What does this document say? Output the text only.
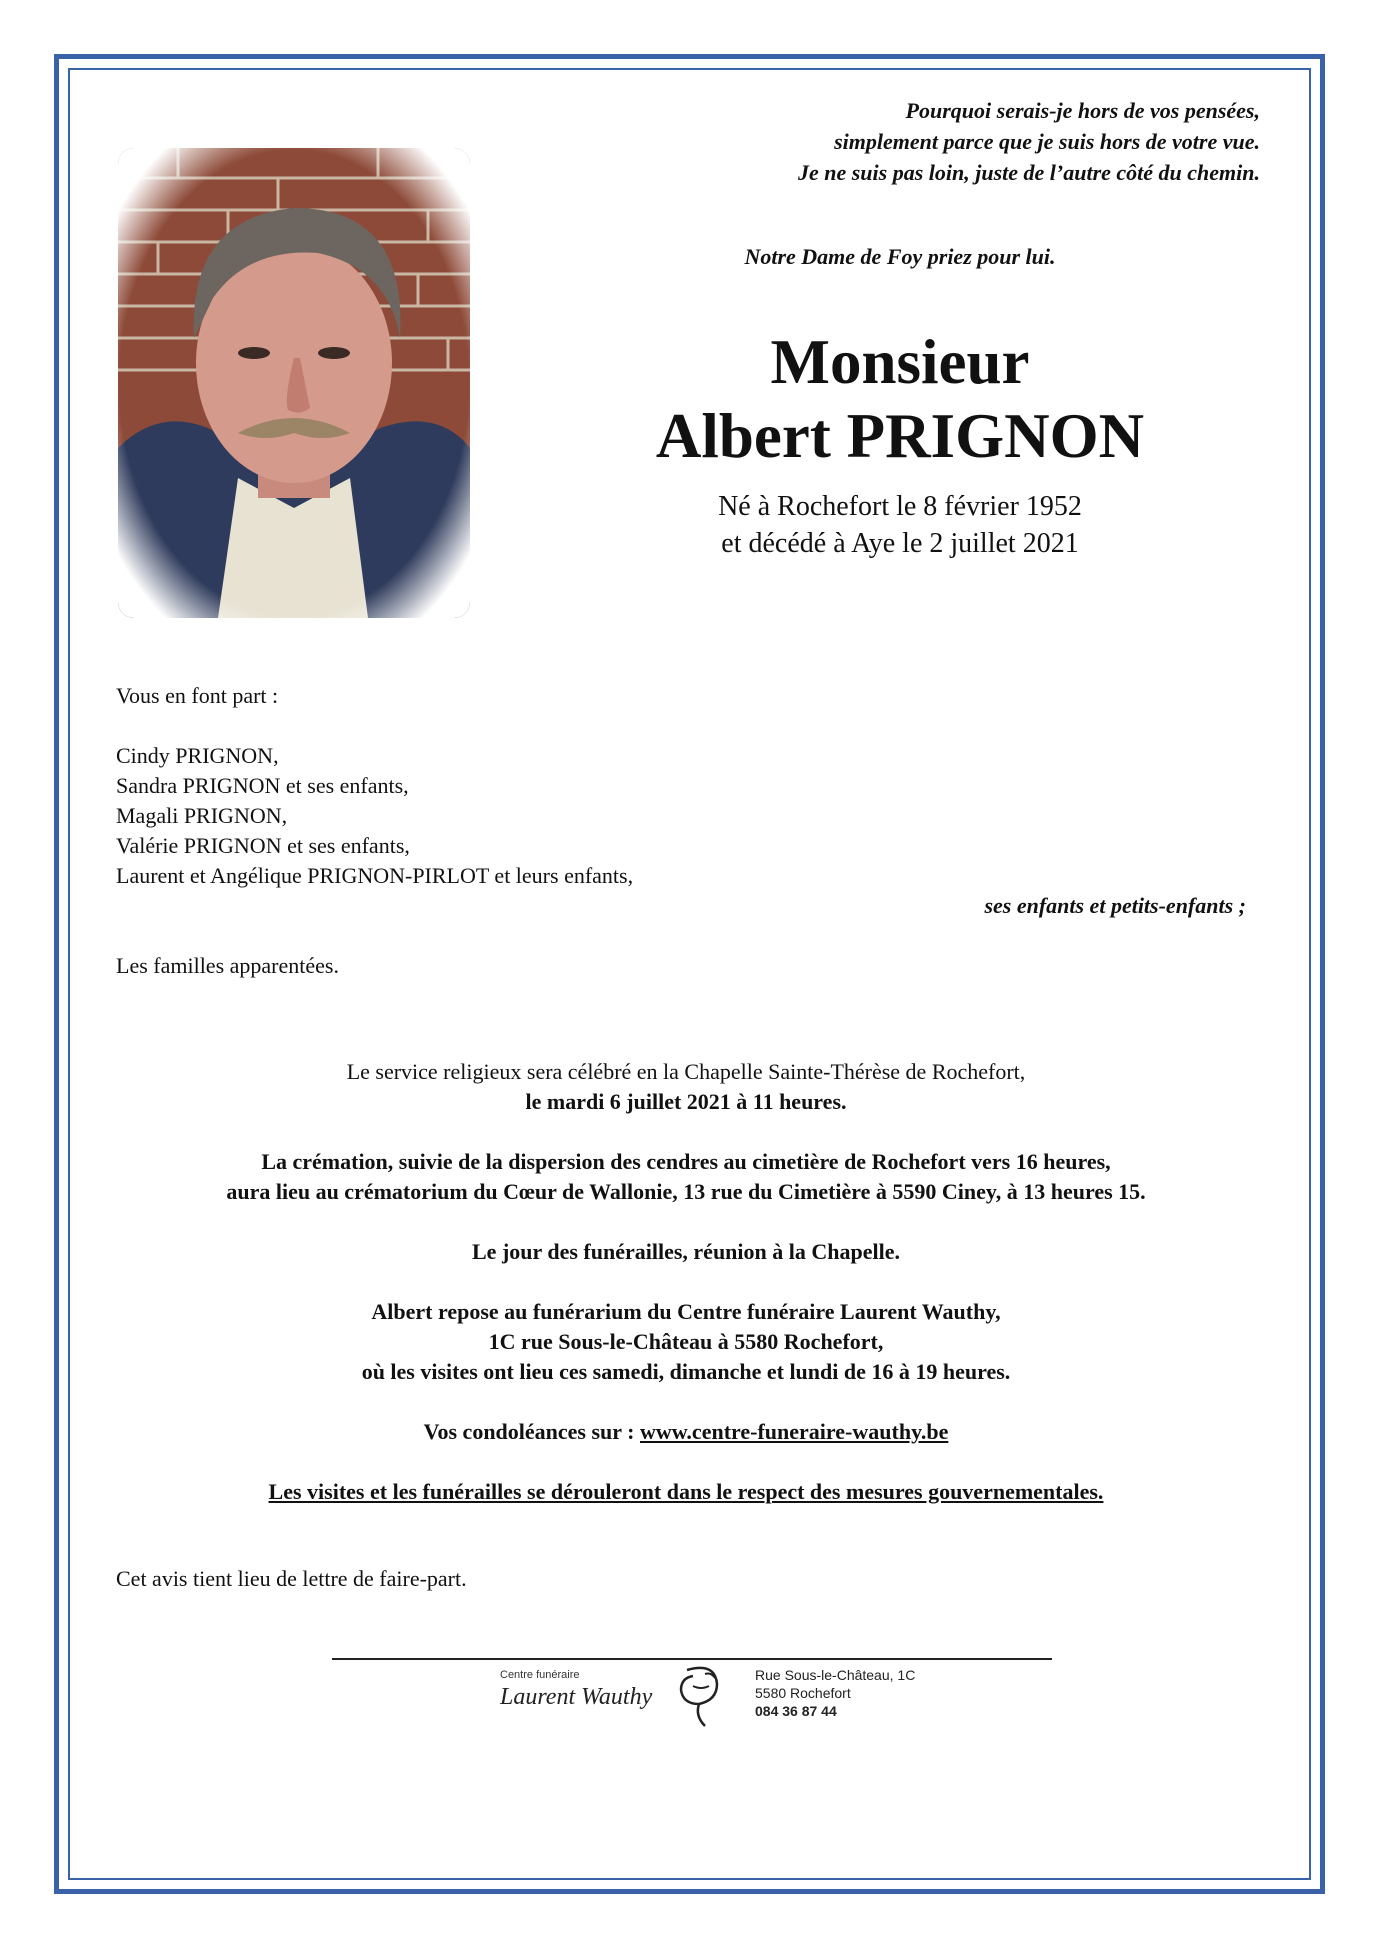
Pourquoi serais-je hors de vos pensées,
simplement parce que je suis hors de votre vue.
Je ne suis pas loin, juste de l’autre côté du chemin.
Notre Dame de Foy priez pour lui.
Monsieur
Albert PRIGNON
Né à Rochefort le 8 février 1952
et décédé à Aye le 2 juillet 2021
Vous en font part :
Cindy PRIGNON,
Sandra PRIGNON et ses enfants,
Magali PRIGNON,
Valérie PRIGNON et ses enfants,
Laurent et Angélique PRIGNON-PIRLOT et leurs enfants,
ses enfants et petits-enfants ;
Les familles apparentées.
Le service religieux sera célébré en la Chapelle Sainte-Thérèse de Rochefort,
le mardi 6 juillet 2021 à 11 heures.
La crémation, suivie de la dispersion des cendres au cimetière de Rochefort vers 16 heures,
aura lieu au crématorium du Cœur de Wallonie, 13 rue du Cimetière à 5590 Ciney, à 13 heures 15.
Le jour des funérailles, réunion à la Chapelle.
Albert repose au funérarium du Centre funéraire Laurent Wauthy,
1C rue Sous-le-Château à 5580 Rochefort,
où les visites ont lieu ces samedi, dimanche et lundi de 16 à 19 heures.
Vos condoléances sur : www.centre-funeraire-wauthy.be
Les visites et les funérailles se dérouleront dans le respect des mesures gouvernementales.
Cet avis tient lieu de lettre de faire-part.
Centre funéraire
Laurent Wauthy
Rue Sous-le-Château, 1C
5580 Rochefort
084 36 87 44
